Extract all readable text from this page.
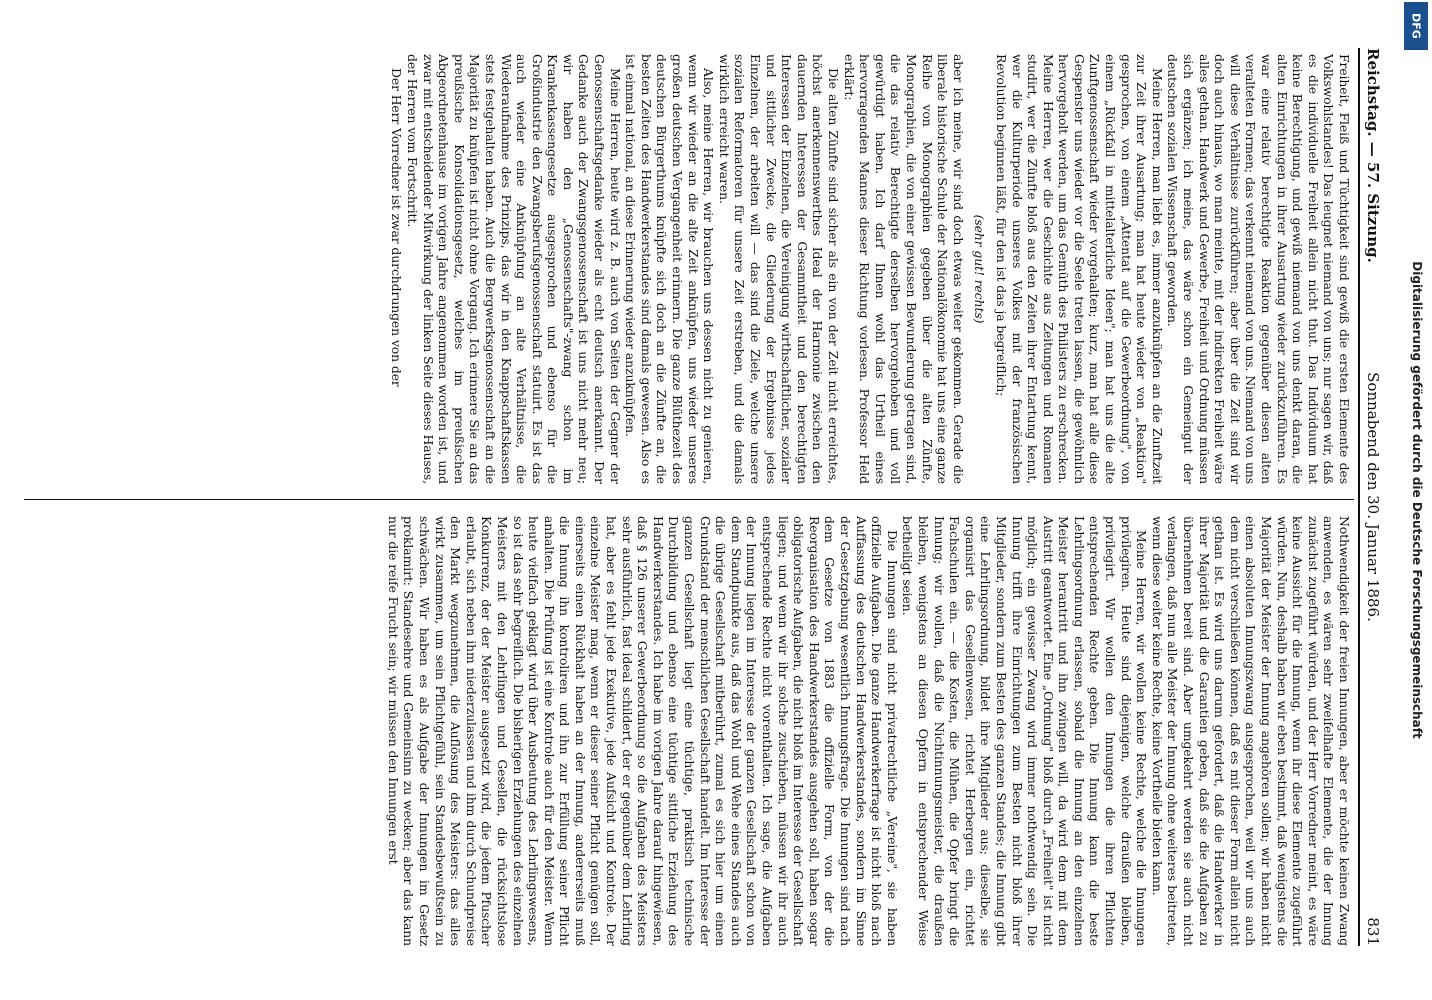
Reichstag. — 57. Sitzung.
Sonnabend den 30. Januar 1886.
831

Freiheit, Fleiß und Tüchtigkeit sind gewiß die ersten Elemente des Volkswohlstandes! Das leugnet niemand von uns; nur sagen wir, daß es die individuelle Freiheit allein nicht thut. Das Individuum hat keine Berechtigung, und gewiß niemand von uns denkt daran, die alten Einrichtungen in ihrer Ausartung wieder zurückzuführen. Es war eine relativ berechtigte Reaktion gegenüber diesen alten veralteten Formen; das verkennt niemand von uns. Niemand von uns will diese Verhältnisse zurückführen; aber über die Zeit sind wir doch auch hinaus, wo man meinte, mit der indirekten Freiheit wäre alles gethan. Handwerk und Gewerbe, Freiheit und Ordnung müssen sich ergänzen; ich meine, das wäre schon ein Gemeingut der deutschen sozialen Wissenschaft geworden.

Meine Herren, man liebt es, immer anzuknüpfen an die Zunftzeit zur Zeit ihrer Ausartung; man hat heute wieder von „Reaktion" gesprochen, von einem „Attentat auf die Gewerbeordnung", von einem „Rückfall in mittelalterliche Ideen"; man hat uns die alte Zunftgenossenschaft wieder vorgehalten; kurz, man hat alle diese Gespenster uns wieder vor die Seele treten lassen, die gewöhnlich hervorgeholt werden, um das Gemüth des Philisters zu erschrecken. Meine Herren, wer die Geschichte aus Zeitungen und Romanen studirt, wer die Zünfte bloß aus den Zeiten ihrer Entartung kennt, wer die Kulturperiode unseres Volkes mit der französischen Revolution beginnen läßt, für den ist das ja begreiflich;

(sehr gut! rechts)

aber ich meine, wir sind doch etwas weiter gekommen. Gerade die liberale historische Schule der Nationalökonomie hat uns eine ganze Reihe von Monographien gegeben über die alten Zünfte, Monographien, die von einer gewissen Bewunderung getragen sind, die das relativ Berechtigte derselben hervorgehoben und voll gewürdigt haben. Ich darf Ihnen wohl das Urtheil eines hervorragenden Mannes dieser Richtung vorlesen. Professor Held erklärt:

Die alten Zünfte sind sicher als ein von der Zeit nicht erreichtes, höchst anerkennenswerthes Ideal der Harmonie zwischen den dauernden Interessen der Gesammtheit und den berechtigten Interessen der Einzelnen, die Vereinigung wirthschaftlicher, sozialer und sittlicher Zwecke, die Gliederung der Ergebnisse jedes Einzelnen, der arbeiten will — das sind die Ziele, welche unsere sozialen Reformatoren für unsere Zeit erstreben, und die damals wirklich erreicht waren.

Also, meine Herren, wir brauchen uns dessen nicht zu genieren, wenn wir wieder an die alte Zeit anknüpfen, uns wieder unseres großen deutschen Vergangenheit erinnern. Die ganze Blüthezeit des deutschen Bürgerthums knüpfte sich doch an die Zünfte an, die besten Zeiten des Handwerkerstandes sind damals gewesen. Also es ist einmal national, an diese Erinnerung wieder anzuknüpfen.

Meine Herren, heute wird z. B. auch von Seiten der Gegner der Genossenschaftsgedanke wieder als echt deutsch anerkannt. Der Gedanke auch der Zwangsgenossenschaft ist uns nicht mehr neu; wir haben den „Genossenschafts"-zwang schon im Krankenkassengesetze ausgesprochen und ebenso für die Großindustrie den Zwangsberufsgenossenschaft statuirt. Es ist das auch wieder eine Anknüpfung an alte Verhältnisse, die Wiederaufnahme des Prinzips, das wir in den Knappschaftskassen stets festgehalten haben. Auch die Bergwerksgenossenschaft an die Majorität zu knüpfen ist nicht ohne Vorgang. Ich erinnere Sie an das preußische Konsolidationsgesetz, welches im preußischen Abgeordnetenhause im vorigen Jahre angenommen worden ist, und zwar mit entscheidender Mitwirkung der linken Seite dieses Hauses, der Herren vom Fortschritt.

Der Herr Vorredner ist zwar durchdrungen von der

Nothwendigkeit der freien Innungen, aber er möchte keinen Zwang anwenden, es wären sehr zweifelhafte Elemente, die der Innung zunächst zugeführt würden, und der Herr Vorredner meint, es wäre keine Aussicht für die Innung, wenn ihr diese Elemente zugeführt würden. Nun, deshalb haben wir eben bestimmt, daß wenigstens die Majorität der Meister der Innung angehören sollen; wir haben nicht einen absoluten Innungszwang ausgesprochen, weil wir uns auch dem nicht verschließen können, daß es mit dieser Form allein nicht gethan ist. Es wird uns darum gefordert, daß die Handwerker in ihrer Majorität und die Garantien geben, daß sie die Aufgaben zu übernehmen bereit sind. Aber umgekehrt werden sie auch nicht verlangen, daß nun alle Meister der Innung ohne weiteres beitreten, wenn diese weiter keine Rechte, keine Vortheile bieten kann.

Meine Herren, wir wollen keine Rechte, welche die Innungen privilegiren. Heute sind diejenigen, welche draußen bleiben, privilegirt. Wir wollen den Innungen die ihren Pflichten entsprechenden Rechte geben. Die Innung kann die beste Lehrlingsordnung erlassen, sobald die Innung an den einzelnen Meister herantritt und ihn zwingen will, da wird dem mit dem Austritt geantwortet. Eine „Ordnung" bloß durch „Freiheit" ist nicht möglich; ein gewisser Zwang wird immer nothwendig sein. Die Innung trifft ihre Einrichtungen zum Besten nicht bloß ihrer Mitglieder, sondern zum Besten des ganzen Standes; die Innung gibt eine Lehrlingsordnung, bildet ihre Mitglieder aus; dieselbe, sie organisirt das Gesellenwesen, richtet Herbergen ein, richtet Fachschulen ein. — die Kosten, die Mühen, die Opfer bringt die Innung; wir wollen, daß die Nichtinnungsmeister, die draußen bleiben, wenigstens an diesen Opfern in entsprechender Weise betheiligt seien.

Die Innungen sind nicht privatrechtliche „Vereine", sie haben offizielle Aufgaben. Die ganze Handwerkerfrage ist nicht bloß nach Auffassung des deutschen Handwerkerstandes, sondern im Sinne der Gesetzgebung wesentlich Innungsfrage. Die Innungen sind nach dem Gesetze von 1883 die offizielle Form, von der die Reorganisation des Handwerkerstandes ausgehen soll, haben sogar obligatorische Aufgaben, die nicht bloß im Interesse der Gesellschaft liegen; und wenn wir ihr solche zuschieben, müssen wir ihr auch entsprechende Rechte nicht vorenthalten. Ich sage, die Aufgaben der Innung liegen im Interesse der ganzen Gesellschaft schon von dem Standpunkte aus, daß das Wohl und Wehe eines Standes auch die übrige Gesellschaft mitberührt, zumal es sich hier um einen Grundstand der menschlichen Gesellschaft handelt. Im Interesse der ganzen Gesellschaft liegt eine tüchtige, praktisch technische Durchbildung und ebenso eine tüchtige sittliche Erziehung des Handwerkerstandes. Ich habe im vorigen Jahre darauf hingewiesen, daß § 126 unserer Gewerbeordnung so die Aufgaben des Meisters sehr ausführlich, fast ideal schildert, der er gegenüber dem Lehrling hat, aber es fehlt jede Exekutive, jede Aufsicht und Kontrole. Der einzelne Meister mag, wenn er dieser seiner Pflicht genügen soll, einerseits einen Rückhalt haben an der Innung, andererseits muß die Innung ihn kontroliren und ihn zur Erfüllung seiner Pflicht anhalten. Die Prüfung ist eine Kontrole auch für den Meister. Wenn heute vielfach geklagt wird über Ausbeutung des Lehrlingswesens, so ist das sehr begreiflich. Die bisherigen Erziehungen des einzelnen Meisters mit den Lehrlingen und Gesellen, die rücksichtslose Konkurrenz, der der Meister ausgesetzt wird, die jedem Pfuscher erlaubt, sich neben ihm niederzulassen und ihm durch Schundpreise den Markt wegzunehmen, die Auflösung des Meisters: das alles wirkt zusammen, um sein Pflichtgefühl, sein Standesbewußtsein zu schwächen. Wir haben es als Aufgabe der Innungen im Gesetz proklamirt: Standesehre und Gemeinsinn zu wecken; aber das kann nur die reife Frucht sein; wir müssen den Innungen erst	Digitalisierung gefördert durch die Deutsche Forschungsgemeinschaft
DFG
